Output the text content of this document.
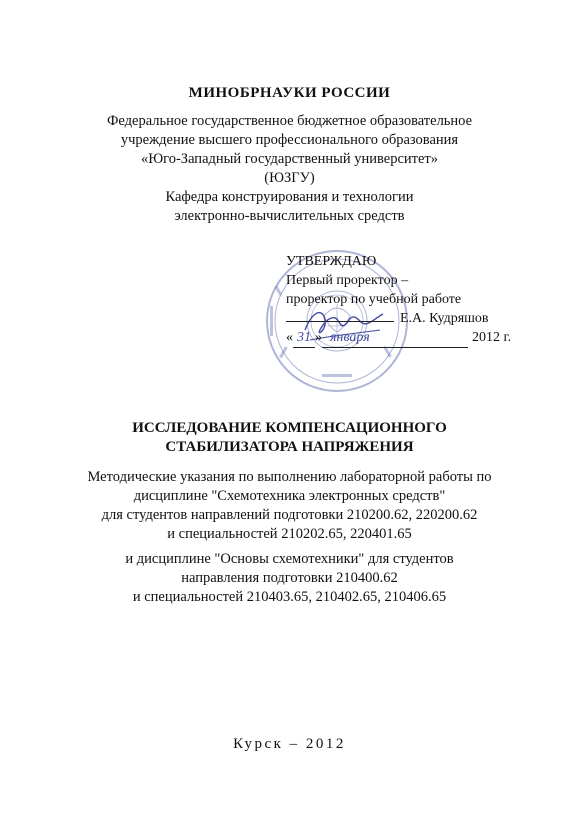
МИНОБРНАУКИ РОССИИ
Федеральное государственное бюджетное образовательное
учреждение высшего профессионального образования
«Юго-Западный государственный университет»
(ЮЗГУ)
Кафедра конструирования и технологии
электронно-вычислительных средств
УТВЕРЖДАЮ
Первый проректор –
проректор по учебной работе
Е.А. Кудряшов
« 31 » января	2012 г.
ИССЛЕДОВАНИЕ КОМПЕНСАЦИОННОГО
СТАБИЛИЗАТОРА НАПРЯЖЕНИЯ
Методические указания по выполнению лабораторной работы по
дисциплине "Схемотехника электронных средств"
для студентов направлений подготовки 210200.62, 220200.62
и специальностей 210202.65, 220401.65
и дисциплине "Основы схемотехники" для студентов
направления подготовки 210400.62
и специальностей 210403.65, 210402.65, 210406.65
Курск – 2012
